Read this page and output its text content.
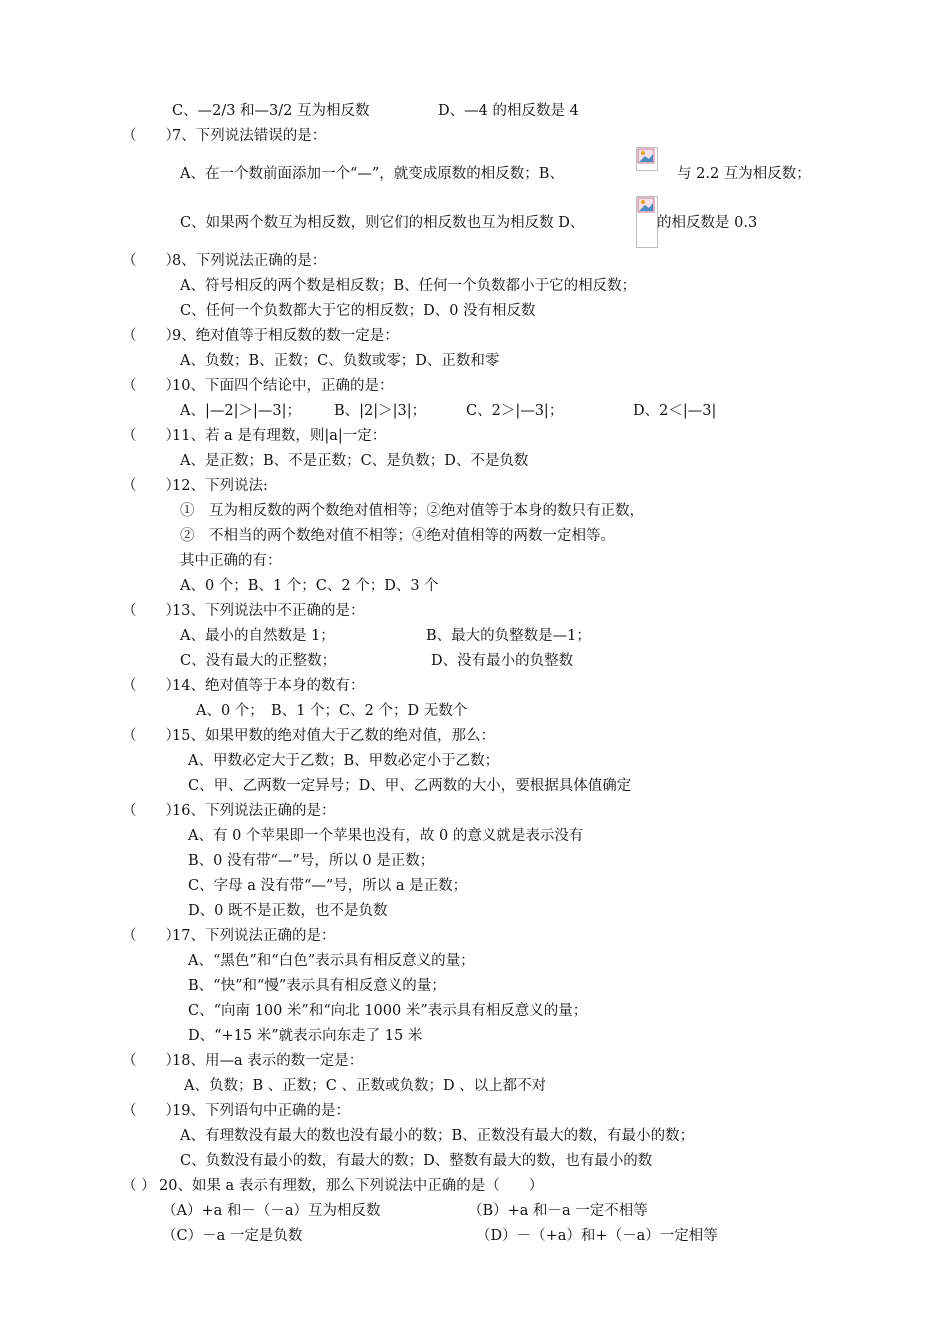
C、—2/3 和—3/2 互为相反数	D、—4 的相反数是 4
（　　）
7、下列说法错误的是：
A、在一个数前面添加一个“—”，就变成原数的相反数；B、	与 2.2 互为相反数；
C、如果两个数互为相反数，则它们的相反数也互为相反数 D、	的相反数是 0.3
（　　）
8、下列说法正确的是：
A、符号相反的两个数是相反数；B、任何一个负数都小于它的相反数；
C、任何一个负数都大于它的相反数；D、0 没有相反数
（　　）
9、绝对值等于相反数的数一定是：
A、负数；B、正数；C、负数或零；D、正数和零
（　　）
10、下面四个结论中，正确的是：
A、|—2|＞|—3|； B、|2|＞|3|；	C、2＞|—3|；	D、2＜|—3|
（　　）
11、若 a 是有理数，则|a|一定：
A、是正数；B、不是正数；C、是负数；D、不是负数
（　　）
12、下列说法:
①　互为相反数的两个数绝对值相等；②绝对值等于本身的数只有正数，
②　不相当的两个数绝对值不相等；④绝对值相等的两数一定相等。
其中正确的有：
A、0 个；B、1 个；C、2 个；D、3 个
（　　）
13、下列说法中不正确的是：
A、最小的自然数是 1；	B、最大的负整数是—1；
C、没有最大的正整数；	D、没有最小的负整数
（　　）
14、绝对值等于本身的数有：
A、0 个；　B、1 个；C、2 个；D 无数个
（　　）
15、如果甲数的绝对值大于乙数的绝对值，那么：
A、甲数必定大于乙数；B、甲数必定小于乙数；
C、甲、乙两数一定异号；D、甲、乙两数的大小，要根据具体值确定
（　　）
16、下列说法正确的是：
A、有 0 个苹果即一个苹果也没有，故 0 的意义就是表示没有
B、0 没有带“—”号，所以 0 是正数；
C、字母 a 没有带“—”号，所以 a 是正数；
D、0 既不是正数，也不是负数
（　　）
17、下列说法正确的是：
A、“黑色”和“白色”表示具有相反意义的量；
B、“快”和“慢”表示具有相反意义的量；
C、“向南 100 米”和“向北 1000 米”表示具有相反意义的量；
D、“+15 米”就表示向东走了 15 米
（　　）
18、用—a 表示的数一定是：
A、负数；B 、正数；C 、正数或负数；D 、以上都不对
（　　）
19、下列语句中正确的是：
A、有理数没有最大的数也没有最小的数；B、正数没有最大的数，有最小的数；
C、负数没有最小的数，有最大的数；D、整数有最大的数，也有最小的数
（ ） 20、如果 a 表示有理数，那么下列说法中正确的是（　　）
（A）+a 和－（－a）互为相反数	（B）+a 和－a 一定不相等
（C）－a 一定是负数	（D）－（+a）和+（－a）一定相等
